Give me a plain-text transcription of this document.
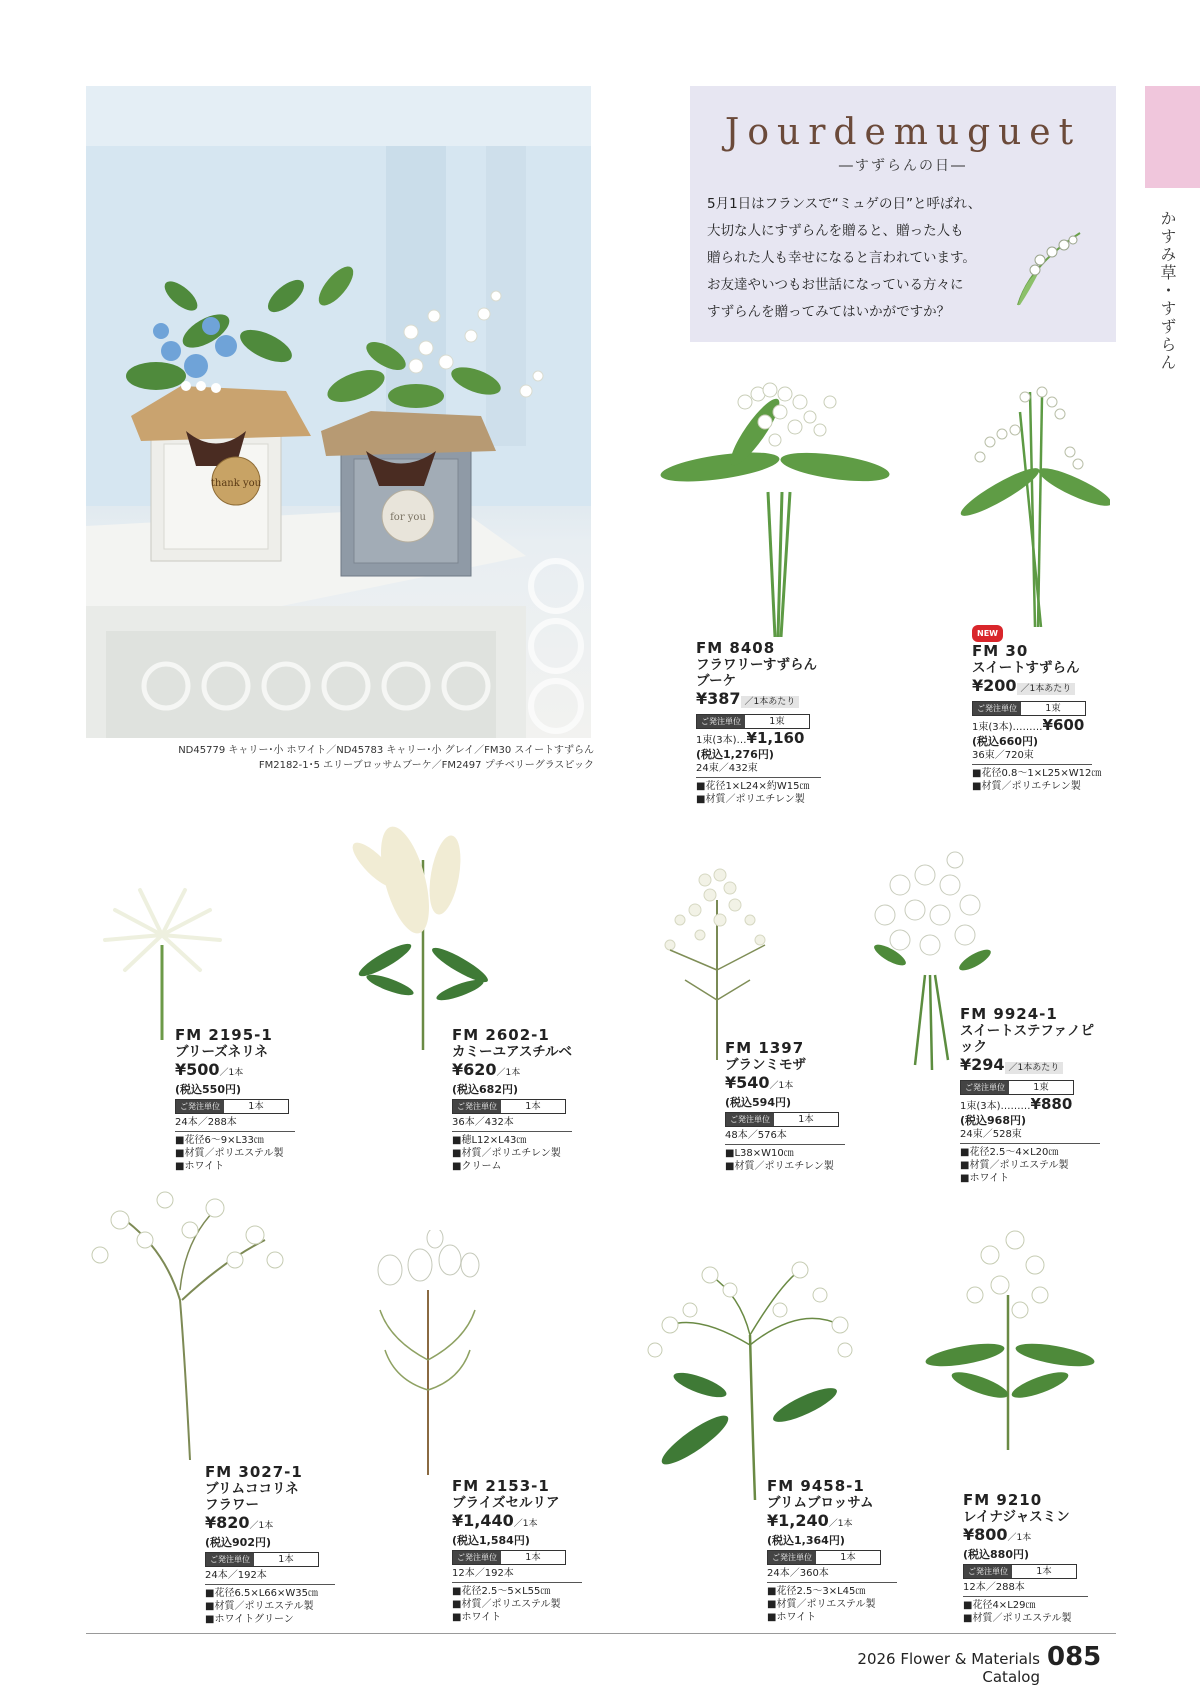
かすみ草・すずらん
thank you
for you
ND45779 キャリー･小 ホワイト／ND45783 キャリー･小 グレイ／FM30 スイートすずらん
FM2182-1･5 エリーブロッサムブーケ／FM2497 プチベリーグラスピック
Jourdemuguet
―すずらんの日―
5月1日はフランスで“ミュゲの日”と呼ばれ、
大切な人にすずらんを贈ると、贈った人も
贈られた人も幸せになると言われています。
お友達やいつもお世話になっている方々に
すずらんを贈ってみてはいかがですか？
FM 8408
フラワリーすずらんブーケ
¥387 ／1本あたり
ご発注単位	1束
1束(3本)…¥1,160
(税込1,276円)
24束／432束
■花径1×L24×約W15㎝
■材質／ポリエチレン製
NEW
FM 30
スイートすずらん
¥200 ／1本あたり
ご発注単位	1束
1束(3本)………¥600
(税込660円)
36束／720束
■花径0.8～1×L25×W12㎝
■材質／ポリエチレン製
FM 2195-1
ブリーズネリネ
¥500／1本
(税込550円)
ご発注単位	1本
24本／288本
■花径6～9×L33㎝
■材質／ポリエステル製
■ホワイト
FM 2602-1
カミーユアスチルベ
¥620／1本
(税込682円)
ご発注単位	1本
36本／432本
■穂L12×L43㎝
■材質／ポリエチレン製
■クリーム
FM 1397
ブランミモザ
¥540／1本
(税込594円)
ご発注単位	1本
48本／576本
■L38×W10㎝
■材質／ポリエチレン製
FM 9924-1
スイートステファノピック
¥294 ／1本あたり
ご発注単位	1束
1束(3本)………¥880
(税込968円)
24束／528束
■花径2.5～4×L20㎝
■材質／ポリエステル製
■ホワイト
FM 3027-1
ブリムココリネ
フラワー
¥820／1本
(税込902円)
ご発注単位	1本
24本／192本
■花径6.5×L66×W35㎝
■材質／ポリエステル製
■ホワイトグリーン
FM 2153-1
ブライズセルリア
¥1,440／1本
(税込1,584円)
ご発注単位	1本
12本／192本
■花径2.5～5×L55㎝
■材質／ポリエステル製
■ホワイト
FM 9458-1
ブリムブロッサム
¥1,240／1本
(税込1,364円)
ご発注単位	1本
24本／360本
■花径2.5～3×L45㎝
■材質／ポリエステル製
■ホワイト
FM 9210
レイナジャスミン
¥800／1本
(税込880円)
ご発注単位	1本
12本／288本
■花径4×L29㎝
■材質／ポリエステル製
2026 Flower & Materials Catalog
085
